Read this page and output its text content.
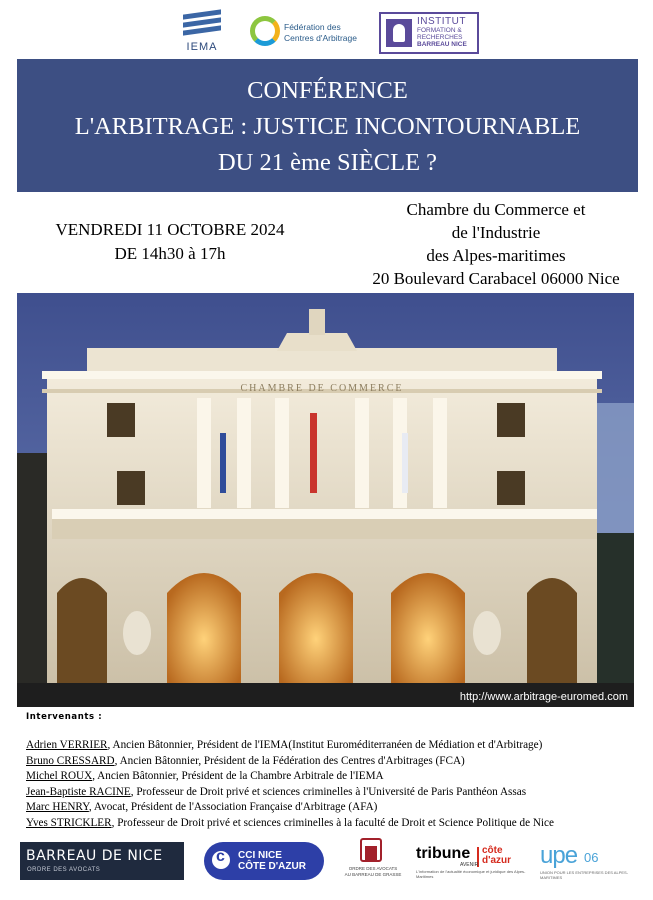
IEMA
Fédération des
Centres d'Arbitrage
INSTITUT
FORMATION &
RECHERCHES
BARREAU NICE
CONFÉRENCE
L'ARBITRAGE : JUSTICE INCONTOURNABLE
DU 21 ème SIÈCLE ?
VENDREDI 11 OCTOBRE 2024
DE 14h30 à 17h
Chambre du Commerce et
de l'Industrie
des Alpes-maritimes
20 Boulevard Carabacel 06000 Nice
CHAMBRE DE COMMERCE
http://www.arbitrage-euromed.com
Intervenants :
Adrien VERRIER, Ancien Bâtonnier, Président de l'IEMA(Institut Euroméditerranéen de Médiation et d'Arbitrage)
Bruno CRESSARD, Ancien Bâtonnier, Président de la Fédération des Centres d'Arbitrages (FCA)
Michel ROUX, Ancien Bâtonnier, Président de la Chambre Arbitrale de l'IEMA
Jean-Baptiste RACINE, Professeur de Droit privé et sciences criminelles à l'Université de Paris Panthéon Assas
Marc HENRY, Avocat, Président de l'Association Française d'Arbitrage (AFA)
Yves STRICKLER, Professeur de Droit privé et sciences criminelles à la faculté de Droit et Science Politique de Nice
BARREAU DE NICE
ORDRE DES AVOCATS
c
CCI NICE
CÔTE D'AZUR	ORDRE DES AVOCATS
AU BARREAU DE GRASSE
tribune côte
d'azur
AVENIR
L'information de l'actualité économique et juridique des Alpes-Maritimes
upe 06
UNION POUR LES ENTREPRISES DES ALPES-MARITIMES
